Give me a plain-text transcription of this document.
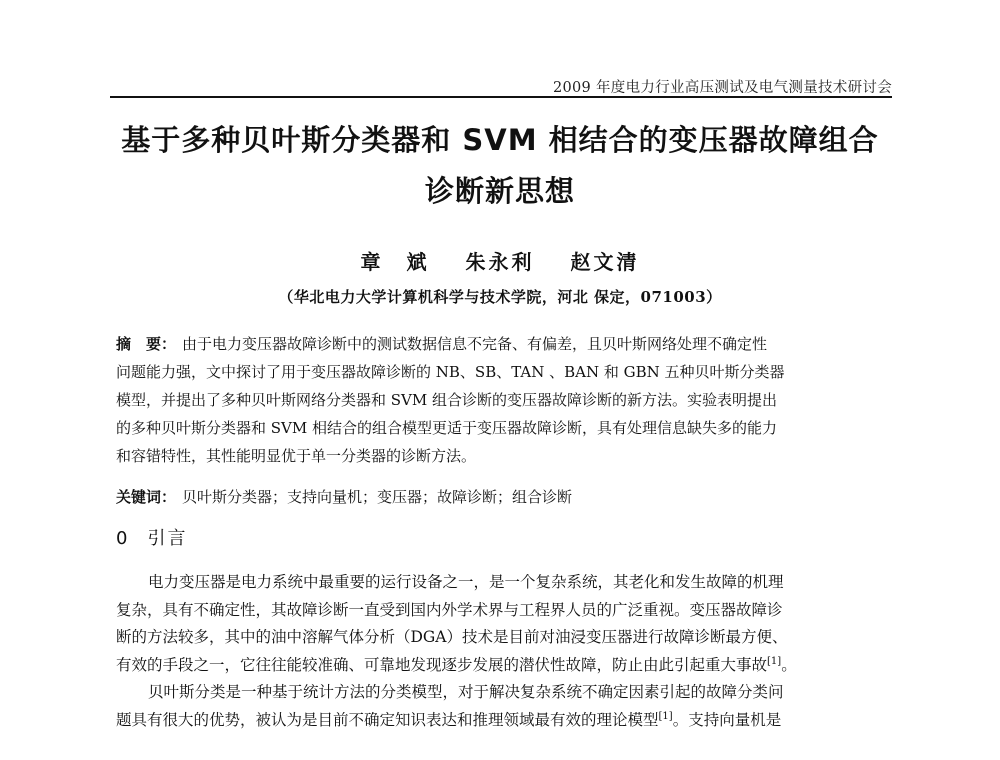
2009 年度电力行业高压测试及电气测量技术研讨会
基于多种贝叶斯分类器和 SVM 相结合的变压器故障组合
诊断新思想
章　斌 朱永利 赵文清
（华北电力大学计算机科学与技术学院，河北 保定，071003）
摘　要： 由于电力变压器故障诊断中的测试数据信息不完备、有偏差，且贝叶斯网络处理不确定性
问题能力强，文中探讨了用于变压器故障诊断的 NB、SB、TAN 、BAN 和 GBN 五种贝叶斯分类器
模型，并提出了多种贝叶斯网络分类器和 SVM 组合诊断的变压器故障诊断的新方法。实验表明提出
的多种贝叶斯分类器和 SVM 相结合的组合模型更适于变压器故障诊断，具有处理信息缺失多的能力
和容错特性，其性能明显优于单一分类器的诊断方法。
关键词： 贝叶斯分类器；支持向量机；变压器；故障诊断；组合诊断
0 引言
电力变压器是电力系统中最重要的运行设备之一，是一个复杂系统，其老化和发生故障的机理
复杂，具有不确定性，其故障诊断一直受到国内外学术界与工程界人员的广泛重视。变压器故障诊
断的方法较多，其中的油中溶解气体分析（DGA）技术是目前对油浸变压器进行故障诊断最方便、
有效的手段之一，它往往能较准确、可靠地发现逐步发展的潜伏性故障，防止由此引起重大事故[1]。
贝叶斯分类是一种基于统计方法的分类模型，对于解决复杂系统不确定因素引起的故障分类问
题具有很大的优势，被认为是目前不确定知识表达和推理领域最有效的理论模型[1]。支持向量机是
